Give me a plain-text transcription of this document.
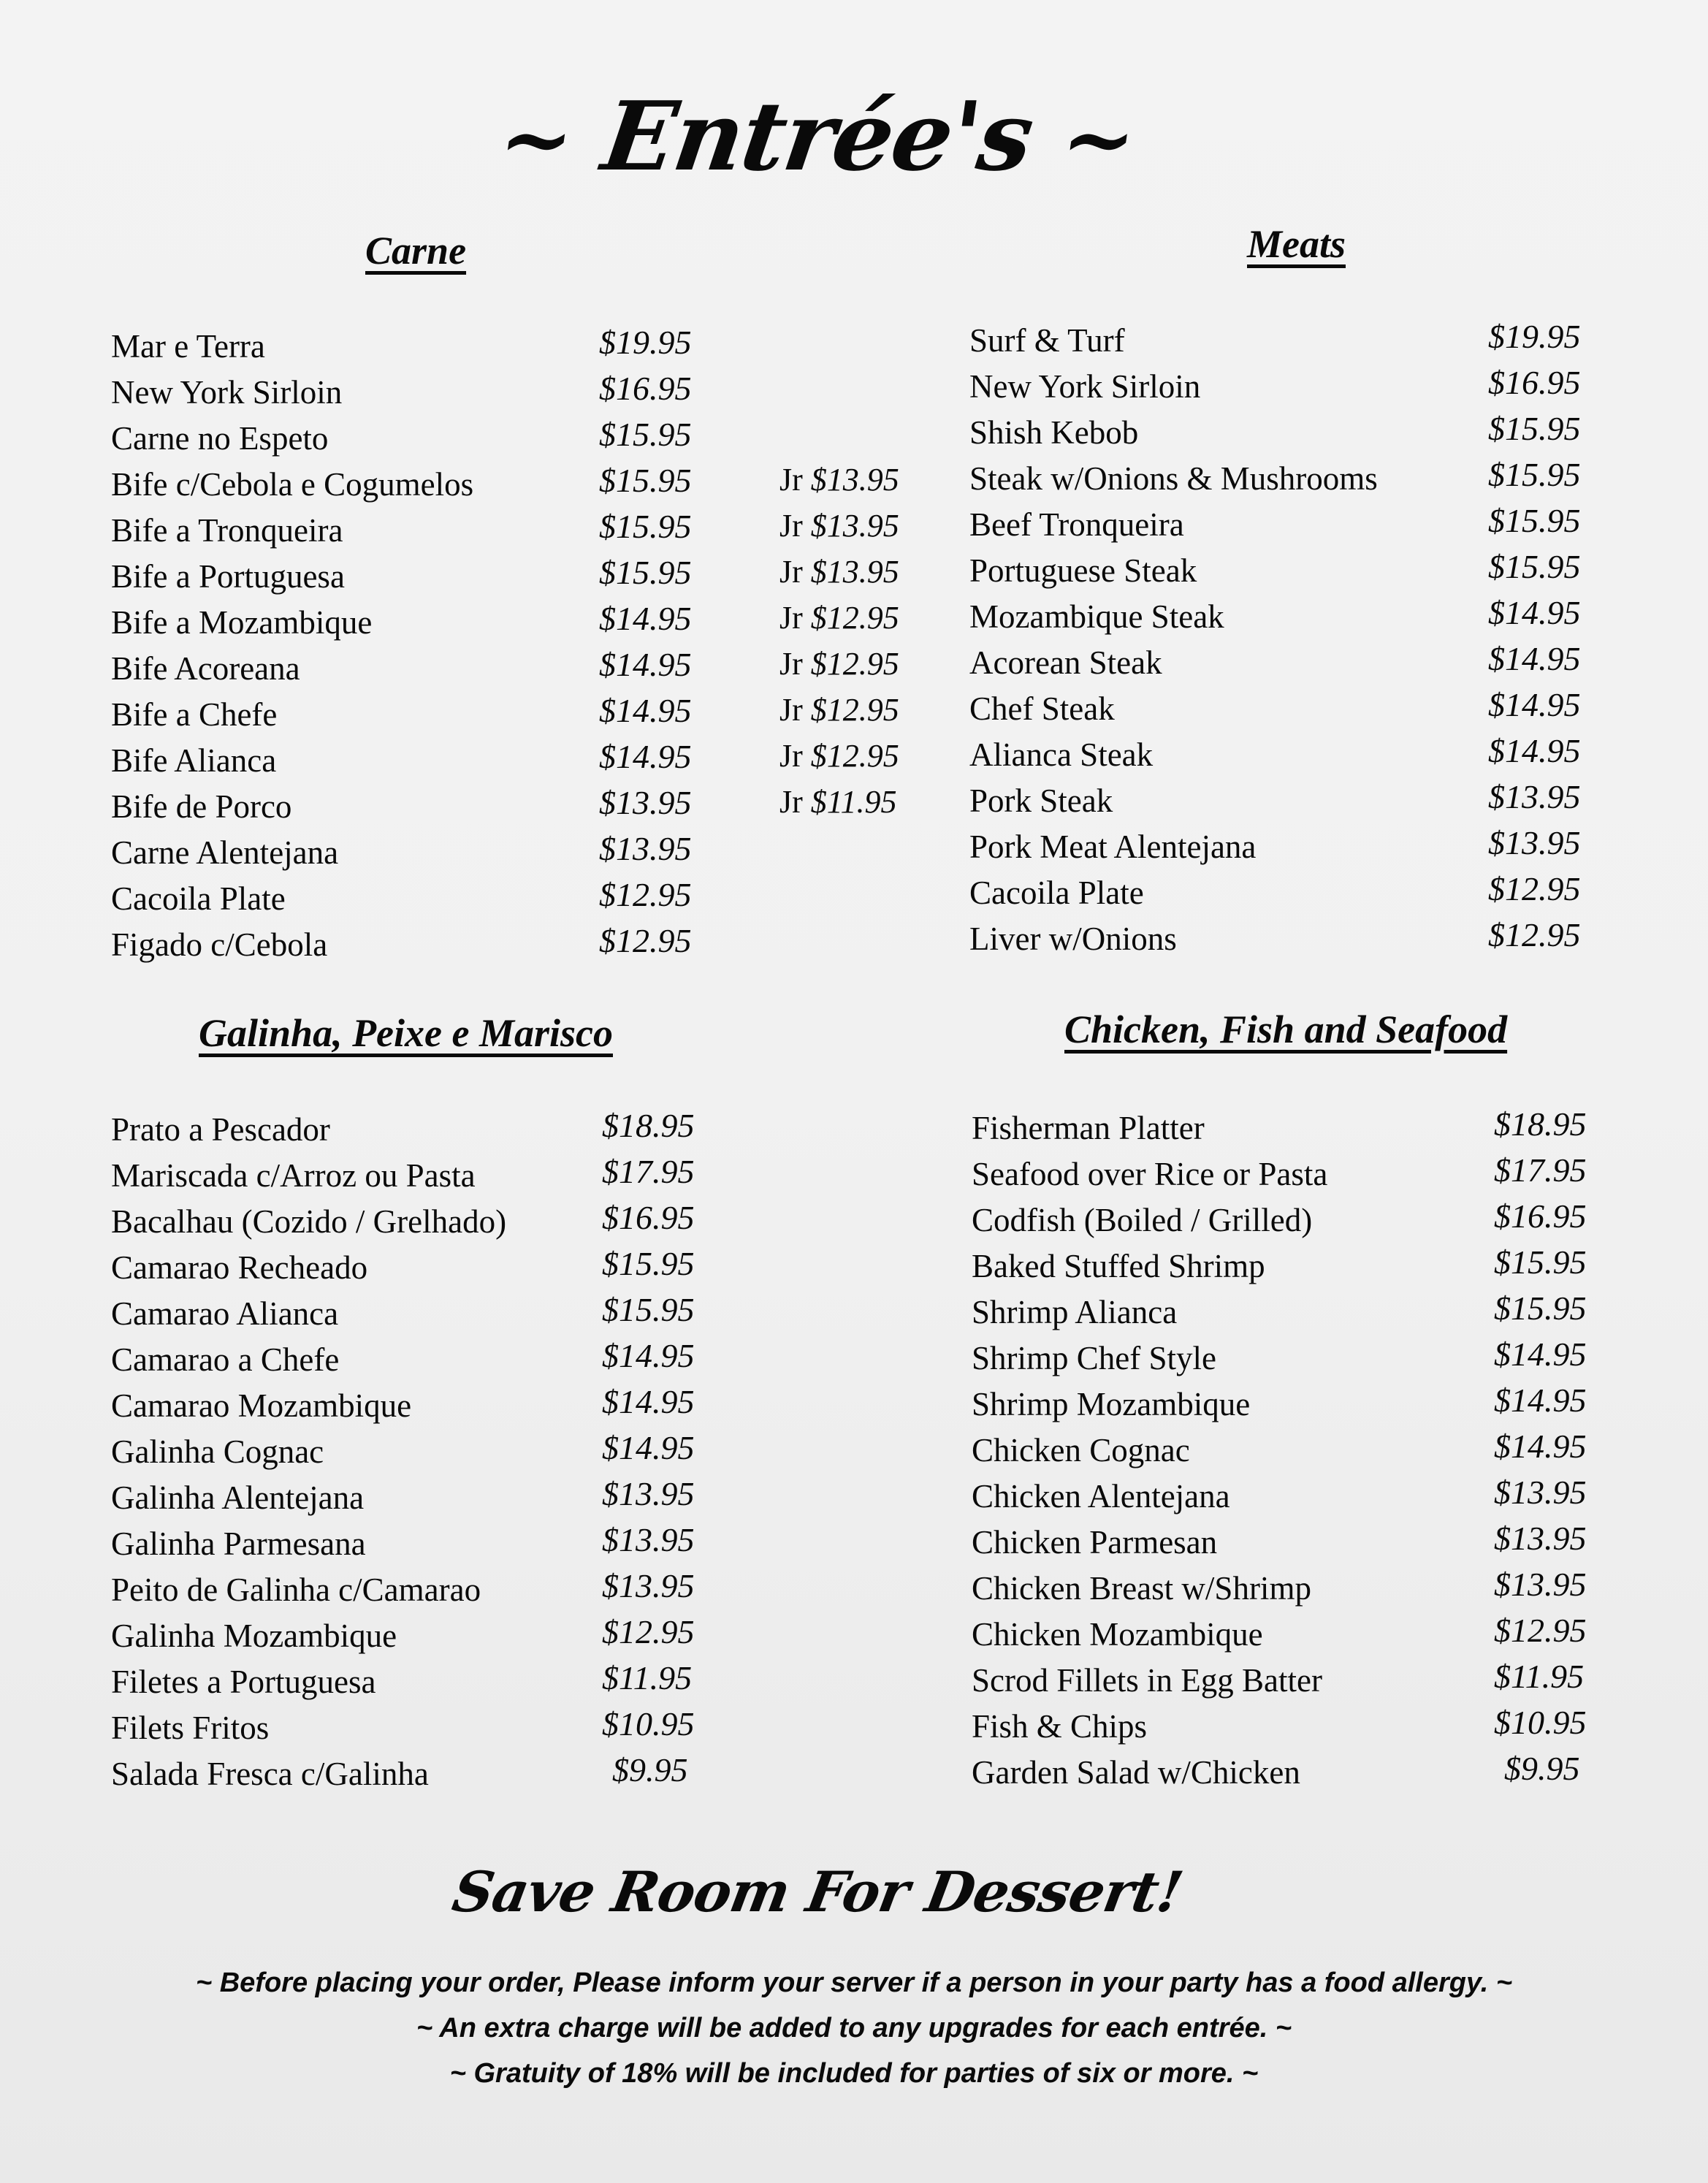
~ Entrée's ~
Carne
Mar e Terra	$19.95
New York Sirloin	$16.95
Carne no Espeto	$15.95
Bife c/Cebola e Cogumelos	$15.95	Jr $13.95
Bife a Tronqueira	$15.95	Jr $13.95
Bife a Portuguesa	$15.95	Jr $13.95
Bife a Mozambique	$14.95	Jr $12.95
Bife Acoreana	$14.95	Jr $12.95
Bife a Chefe	$14.95	Jr $12.95
Bife Alianca	$14.95	Jr $12.95
Bife de Porco	$13.95	Jr $11.95
Carne Alentejana	$13.95
Cacoila Plate	$12.95
Figado c/Cebola	$12.95
Meats
Surf & Turf	$19.95
New York Sirloin	$16.95
Shish Kebob	$15.95
Steak w/Onions & Mushrooms	$15.95
Beef Tronqueira	$15.95
Portuguese Steak	$15.95
Mozambique Steak	$14.95
Acorean Steak	$14.95
Chef Steak	$14.95
Alianca Steak	$14.95
Pork Steak	$13.95
Pork Meat Alentejana	$13.95
Cacoila Plate	$12.95
Liver w/Onions	$12.95
Galinha, Peixe e Marisco
Prato a Pescador	$18.95
Mariscada c/Arroz ou Pasta	$17.95
Bacalhau (Cozido / Grelhado)	$16.95
Camarao Recheado	$15.95
Camarao Alianca	$15.95
Camarao a Chefe	$14.95
Camarao Mozambique	$14.95
Galinha Cognac	$14.95
Galinha Alentejana	$13.95
Galinha Parmesana	$13.95
Peito de Galinha c/Camarao	$13.95
Galinha Mozambique	$12.95
Filetes a Portuguesa	$11.95
Filets Fritos	$10.95
Salada Fresca c/Galinha	$9.95
Chicken, Fish and Seafood
Fisherman Platter	$18.95
Seafood over Rice or Pasta	$17.95
Codfish (Boiled / Grilled)	$16.95
Baked Stuffed Shrimp	$15.95
Shrimp Alianca	$15.95
Shrimp Chef Style	$14.95
Shrimp Mozambique	$14.95
Chicken Cognac	$14.95
Chicken Alentejana	$13.95
Chicken Parmesan	$13.95
Chicken Breast w/Shrimp	$13.95
Chicken Mozambique	$12.95
Scrod Fillets in Egg Batter	$11.95
Fish & Chips	$10.95
Garden Salad w/Chicken	$9.95
Save Room For Dessert!
~ Before placing your order, Please inform your server if a person in your party has a food allergy. ~
~ An extra charge will be added to any upgrades for each entrée. ~
~ Gratuity of 18% will be included for parties of six or more. ~
